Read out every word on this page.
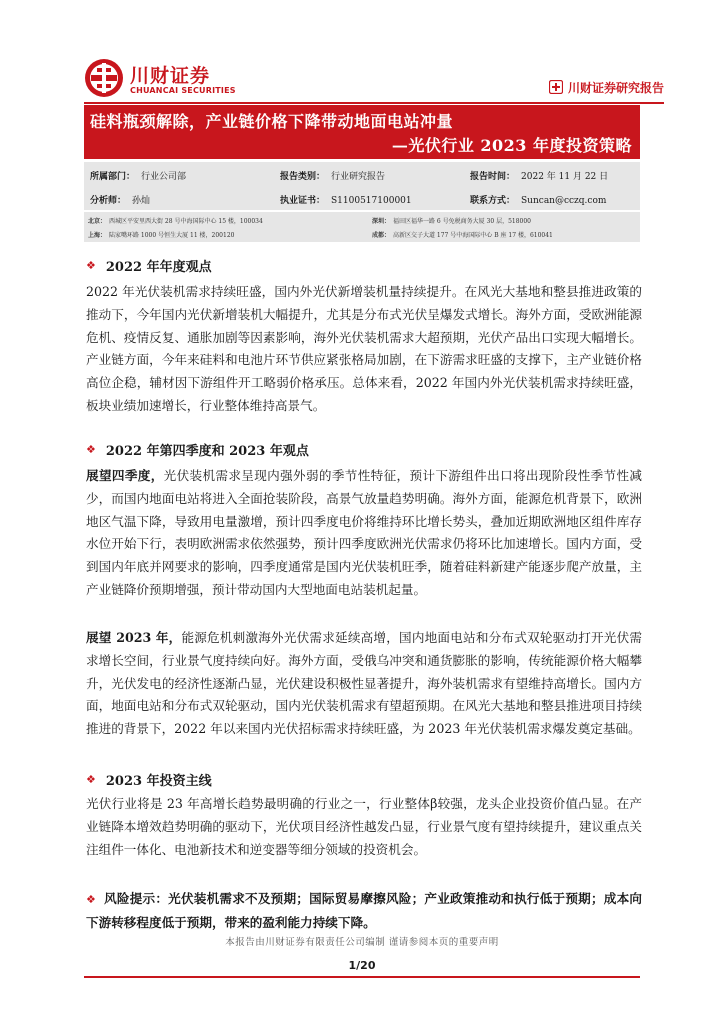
川财证券
CHUANCAI SECURITIES	川财证券研究报告
硅料瓶颈解除，产业链价格下降带动地面电站冲量
—光伏行业 2023 年度投资策略
所属部门： 行业公司部	报告类别： 行业研究报告	报告时间： 2022 年 11 月 22 日
分析师： 孙灿	执业证书： S1100517100001	联系方式： Suncan@cczq.com
北京： 西城区平安里西大街 28 号中海国际中心 15 楼，100034	深圳： 福田区福华一路 6 号免税商务大厦 30 层，518000
上海： 陆家嘴环路 1000 号恒生大厦 11 楼，200120	成都： 高新区交子大道 177 号中海国际中心 B 座 17 楼，610041
❖ 2022 年年度观点

2022 年光伏装机需求持续旺盛，国内外光伏新增装机量持续提升。在风光大基地和整县推进政策的推动下，今年国内光伏新增装机大幅提升，尤其是分布式光伏呈爆发式增长。海外方面，受欧洲能源危机、疫情反复、通胀加剧等因素影响，海外光伏装机需求大超预期，光伏产品出口实现大幅增长。产业链方面，今年来硅料和电池片环节供应紧张格局加剧，在下游需求旺盛的支撑下，主产业链价格高位企稳，辅材因下游组件开工略弱价格承压。总体来看，2022 年国内外光伏装机需求持续旺盛，板块业绩加速增长，行业整体维持高景气。

❖ 2022 年第四季度和 2023 年观点

展望四季度，光伏装机需求呈现内强外弱的季节性特征，预计下游组件出口将出现阶段性季节性减少，而国内地面电站将进入全面抢装阶段，高景气放量趋势明确。海外方面，能源危机背景下，欧洲地区气温下降，导致用电量激增，预计四季度电价将维持环比增长势头，叠加近期欧洲地区组件库存水位开始下行，表明欧洲需求依然强势，预计四季度欧洲光伏需求仍将环比加速增长。国内方面，受到国内年底并网要求的影响，四季度通常是国内光伏装机旺季，随着硅料新建产能逐步爬产放量，主产业链降价预期增强，预计带动国内大型地面电站装机起量。

展望 2023 年，能源危机刺激海外光伏需求延续高增，国内地面电站和分布式双轮驱动打开光伏需求增长空间，行业景气度持续向好。海外方面，受俄乌冲突和通货膨胀的影响，传统能源价格大幅攀升，光伏发电的经济性逐渐凸显，光伏建设积极性显著提升，海外装机需求有望维持高增长。国内方面，地面电站和分布式双轮驱动，国内光伏装机需求有望超预期。在风光大基地和整县推进项目持续推进的背景下，2022 年以来国内光伏招标需求持续旺盛，为 2023 年光伏装机需求爆发奠定基础。

❖ 2023 年投资主线

光伏行业将是 23 年高增长趋势最明确的行业之一，行业整体β较强，龙头企业投资价值凸显。在产业链降本增效趋势明确的驱动下，光伏项目经济性越发凸显，行业景气度有望持续提升，建议重点关注组件一体化、电池新技术和逆变器等细分领域的投资机会。

❖ 风险提示：光伏装机需求不及预期；国际贸易摩擦风险；产业政策推动和执行低于预期；成本向下游转移程度低于预期，带来的盈利能力持续下降。
本报告由川财证券有限责任公司编制 谨请参阅本页的重要声明
1/20
